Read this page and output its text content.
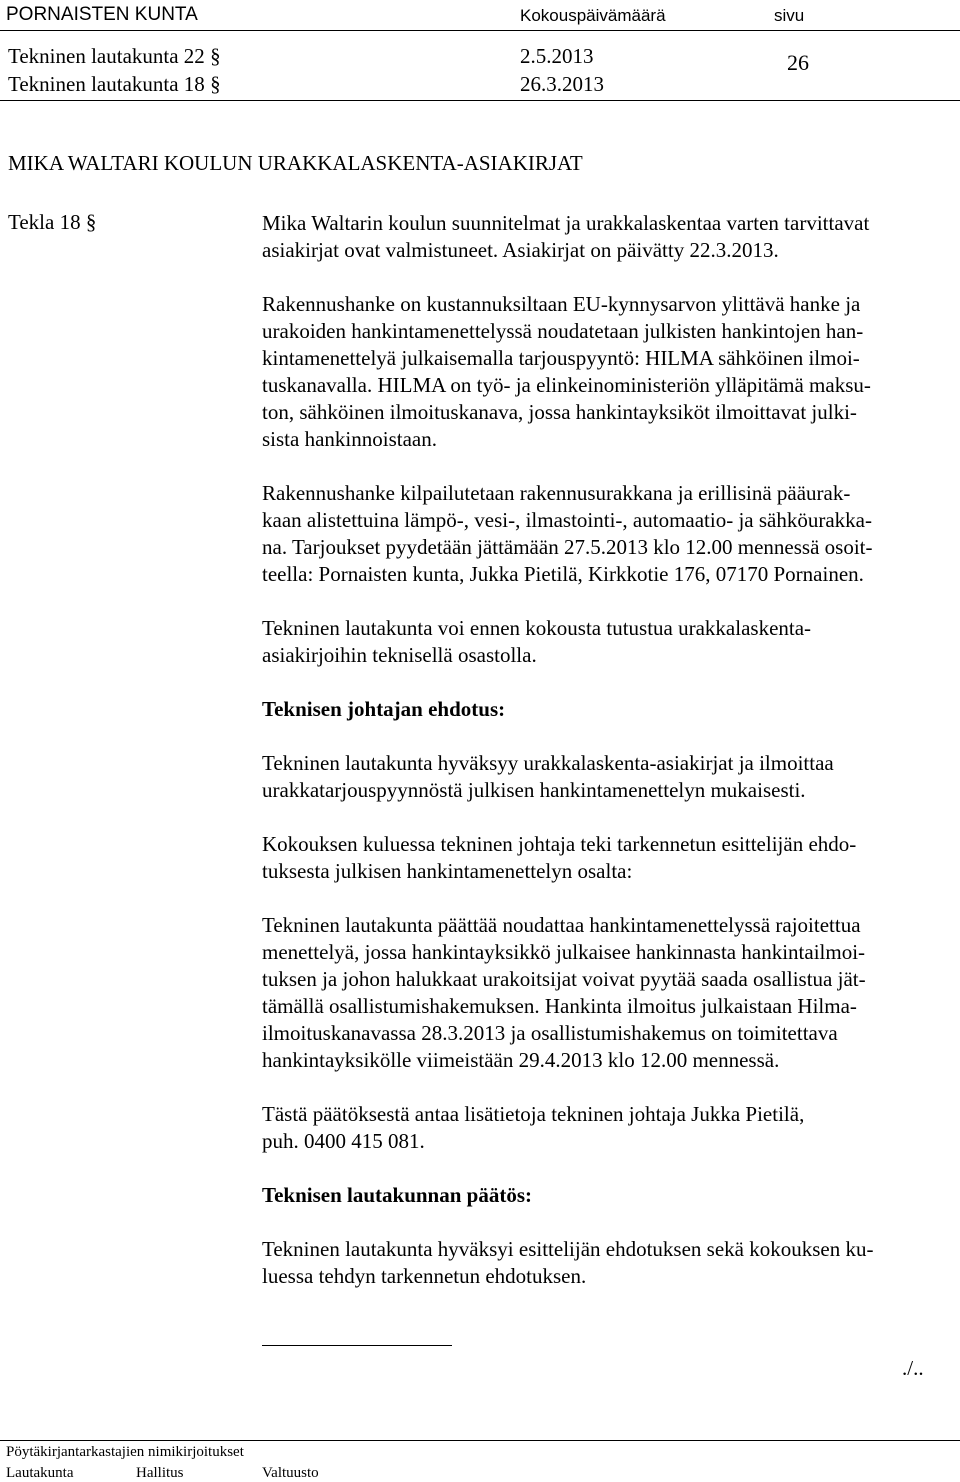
PORNAISTEN KUNTA	Kokouspäivämäärä	sivu
Tekninen lautakunta 22 §	2.5.2013
Tekninen lautakunta 18 §	26.3.2013
26
MIKA WALTARI KOULUN URAKKALASKENTA-ASIAKIRJAT
Tekla 18 §	Mika Waltarin koulun suunnitelmat ja urakkalaskentaa varten tarvittavat
asiakirjat ovat valmistuneet. Asiakirjat on päivätty 22.3.2013.

Rakennushanke on kustannuksiltaan EU-kynnysarvon ylittävä hanke ja
urakoiden hankintamenettelyssä noudatetaan julkisten hankintojen han-
kintamenettelyä julkaisemalla tarjouspyyntö: HILMA sähköinen ilmoi-
tuskanavalla. HILMA on työ- ja elinkeinoministeriön ylläpitämä maksu-
ton, sähköinen ilmoituskanava, jossa hankintayksiköt ilmoittavat julki-
sista hankinnoistaan.

Rakennushanke kilpailutetaan rakennusurakkana ja erillisinä pääurak-
kaan alistettuina lämpö-, vesi-, ilmastointi-, automaatio- ja sähköurakka-
na. Tarjoukset pyydetään jättämään 27.5.2013 klo 12.00 mennessä osoit-
teella: Pornaisten kunta, Jukka Pietilä, Kirkkotie 176, 07170 Pornainen.

Tekninen lautakunta voi ennen kokousta tutustua urakkalaskenta-
asiakirjoihin teknisellä osastolla.

Teknisen johtajan ehdotus:

Tekninen lautakunta hyväksyy urakkalaskenta-asiakirjat ja ilmoittaa
urakkatarjouspyynnöstä julkisen hankintamenettelyn mukaisesti.

Kokouksen kuluessa tekninen johtaja teki tarkennetun esittelijän ehdo-
tuksesta julkisen hankintamenettelyn osalta:

Tekninen lautakunta päättää noudattaa hankintamenettelyssä rajoitettua
menettelyä, jossa hankintayksikkö julkaisee hankinnasta hankintailmoi-
tuksen ja johon halukkaat urakoitsijat voivat pyytää saada osallistua jät-
tämällä osallistumishakemuksen. Hankinta ilmoitus julkaistaan Hilma-
ilmoituskanavassa 28.3.2013 ja osallistumishakemus on toimitettava
hankintayksikölle viimeistään 29.4.2013 klo 12.00 mennessä.

Tästä päätöksestä antaa lisätietoja tekninen johtaja Jukka Pietilä,
puh. 0400 415 081.

Teknisen lautakunnan päätös:

Tekninen lautakunta hyväksyi esittelijän ehdotuksen sekä kokouksen ku-
luessa tehdyn tarkennetun ehdotuksen.

./..
Pöytäkirjantarkastajien nimikirjoitukset
Lautakunta	Hallitus	Valtuusto
